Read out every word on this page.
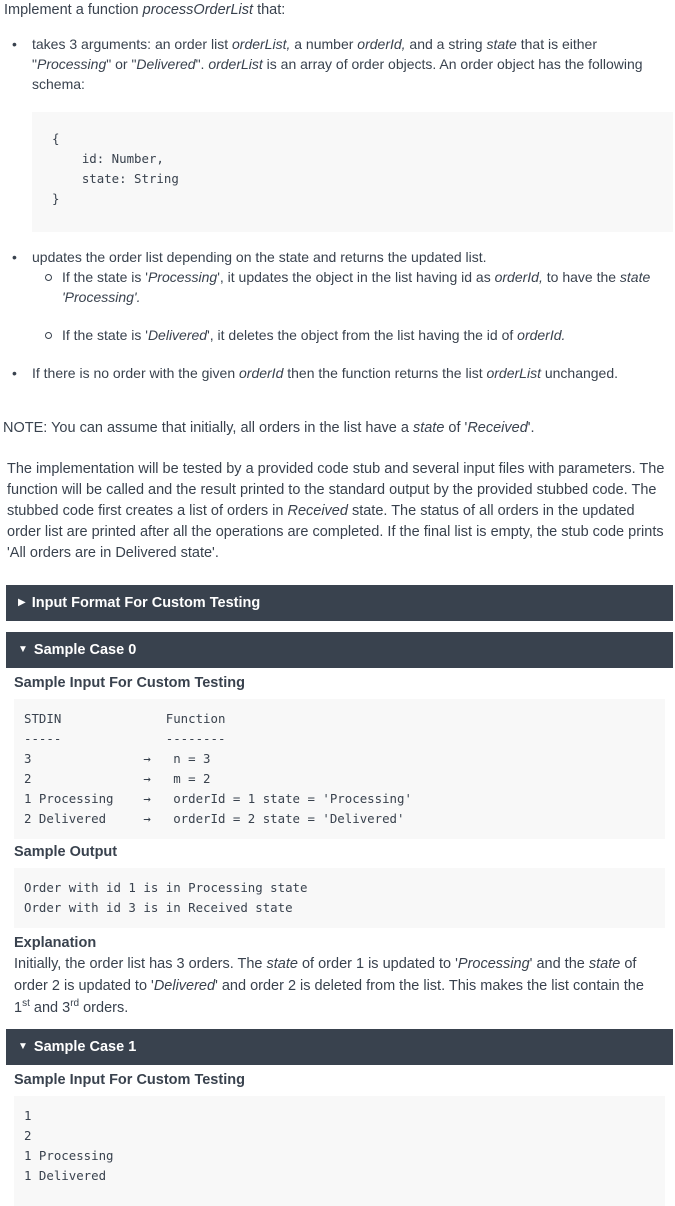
Implement a function processOrderList that:

• takes 3 arguments: an order list orderList, a number orderId, and a string state that is either "Processing" or "Delivered". orderList is an array of order objects. An order object has the following schema:
{
id: Number,
state: String
}
• updates the order list depending on the state and returns the updated list.
If the state is 'Processing', it updates the object in the list having id as orderId, to have the state 'Processing'.
If the state is 'Delivered', it deletes the object from the list having the id of orderId.
• If there is no order with the given orderId then the function returns the list orderList unchanged.

NOTE: You can assume that initially, all orders in the list have a state of 'Received'.

The implementation will be tested by a provided code stub and several input files with parameters. The function will be called and the result printed to the standard output by the provided stubbed code. The stubbed code first creates a list of orders in Received state. The status of all orders in the updated order list are printed after all the operations are completed. If the final list is empty, the stub code prints 'All orders are in Delivered state'.

▶ Input Format For Custom Testing
▼ Sample Case 0

Sample Input For Custom Testing

STDIN              Function
-----              --------
3               →   n = 3
2               →   m = 2
1 Processing    →   orderId = 1 state = 'Processing'
2 Delivered     →   orderId = 2 state = 'Delivered'

Sample Output

Order with id 1 is in Processing state
Order with id 3 is in Received state

Explanation

Initially, the order list has 3 orders. The state of order 1 is updated to 'Processing' and the state of order 2 is updated to 'Delivered' and order 2 is deleted from the list. This makes the list contain the 1st and 3rd orders.

▼ Sample Case 1

Sample Input For Custom Testing

1
2
1 Processing
1 Delivered
